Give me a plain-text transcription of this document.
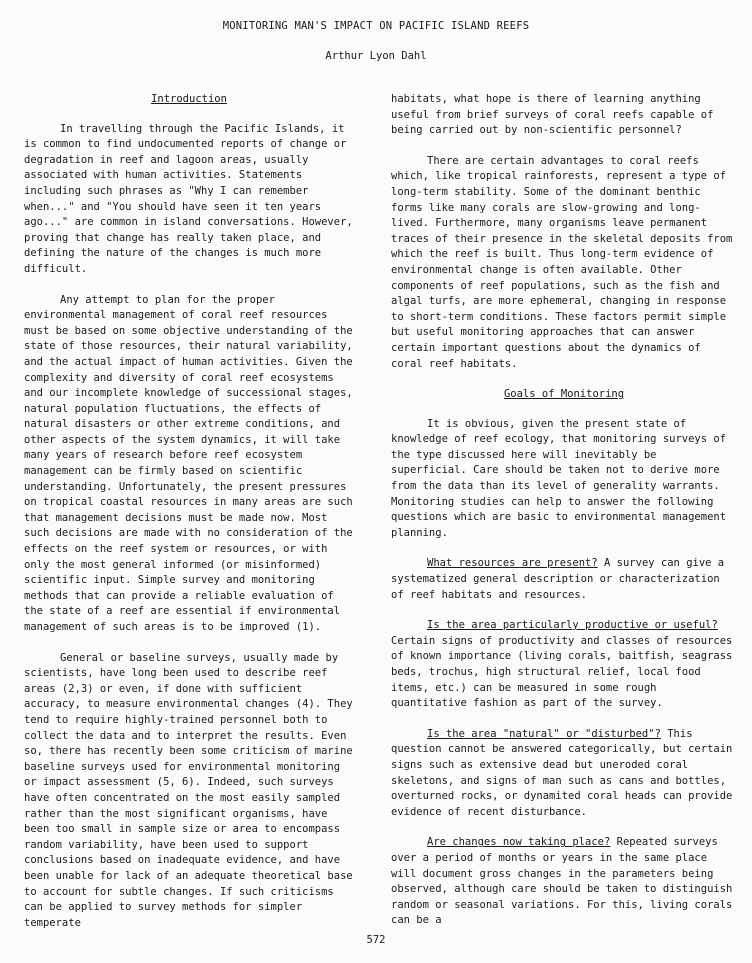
MONITORING MAN'S IMPACT ON PACIFIC ISLAND REEFS
Arthur Lyon Dahl
Introduction

In travelling through the Pacific Islands, it is common to find undocumented reports of change or degradation in reef and lagoon areas, usually associated with human activities. Statements including such phrases as "Why I can remember when..." and "You should have seen it ten years ago..." are common in island conversations. However, proving that change has really taken place, and defining the nature of the changes is much more difficult.

Any attempt to plan for the proper environmental management of coral reef resources must be based on some objective understanding of the state of those resources, their natural variability, and the actual impact of human activities. Given the complexity and diversity of coral reef ecosystems and our incomplete knowledge of successional stages, natural population fluctuations, the effects of natural disasters or other extreme conditions, and other aspects of the system dynamics, it will take many years of research before reef ecosystem management can be firmly based on scientific understanding. Unfortunately, the present pressures on tropical coastal resources in many areas are such that management decisions must be made now. Most such decisions are made with no consideration of the effects on the reef system or resources, or with only the most general informed (or misinformed) scientific input. Simple survey and monitoring methods that can provide a reliable evaluation of the state of a reef are essential if environmental management of such areas is to be improved (1).

General or baseline surveys, usually made by scientists, have long been used to describe reef areas (2,3) or even, if done with sufficient accuracy, to measure environmental changes (4). They tend to require highly-trained personnel both to collect the data and to interpret the results. Even so, there has recently been some criticism of marine baseline surveys used for environmental monitoring or impact assessment (5, 6). Indeed, such surveys have often concentrated on the most easily sampled rather than the most significant organisms, have been too small in sample size or area to encompass random variability, have been used to support conclusions based on inadequate evidence, and have been unable for lack of an adequate theoretical base to account for subtle changes. If such criticisms can be applied to survey methods for simpler temperate

habitats, what hope is there of learning anything useful from brief surveys of coral reefs capable of being carried out by non-scientific personnel?

There are certain advantages to coral reefs which, like tropical rainforests, represent a type of long-term stability. Some of the dominant benthic forms like many corals are slow-growing and long-lived. Furthermore, many organisms leave permanent traces of their presence in the skeletal deposits from which the reef is built. Thus long-term evidence of environmental change is often available. Other components of reef populations, such as the fish and algal turfs, are more ephemeral, changing in response to short-term conditions. These factors permit simple but useful monitoring approaches that can answer certain important questions about the dynamics of coral reef habitats.

Goals of Monitoring

It is obvious, given the present state of knowledge of reef ecology, that monitoring surveys of the type discussed here will inevitably be superficial. Care should be taken not to derive more from the data than its level of generality warrants. Monitoring studies can help to answer the following questions which are basic to environmental management planning.

What resources are present? A survey can give a systematized general description or characterization of reef habitats and resources.

Is the area particularly productive or useful? Certain signs of productivity and classes of resources of known importance (living corals, baitfish, seagrass beds, trochus, high structural relief, local food items, etc.) can be measured in some rough quantitative fashion as part of the survey.

Is the area "natural" or "disturbed"? This question cannot be answered categorically, but certain signs such as extensive dead but uneroded coral skeletons, and signs of man such as cans and bottles, overturned rocks, or dynamited coral heads can provide evidence of recent disturbance.

Are changes now taking place? Repeated surveys over a period of months or years in the same place will document gross changes in the parameters being observed, although care should be taken to distinguish random or seasonal variations. For this, living corals can be a

572
